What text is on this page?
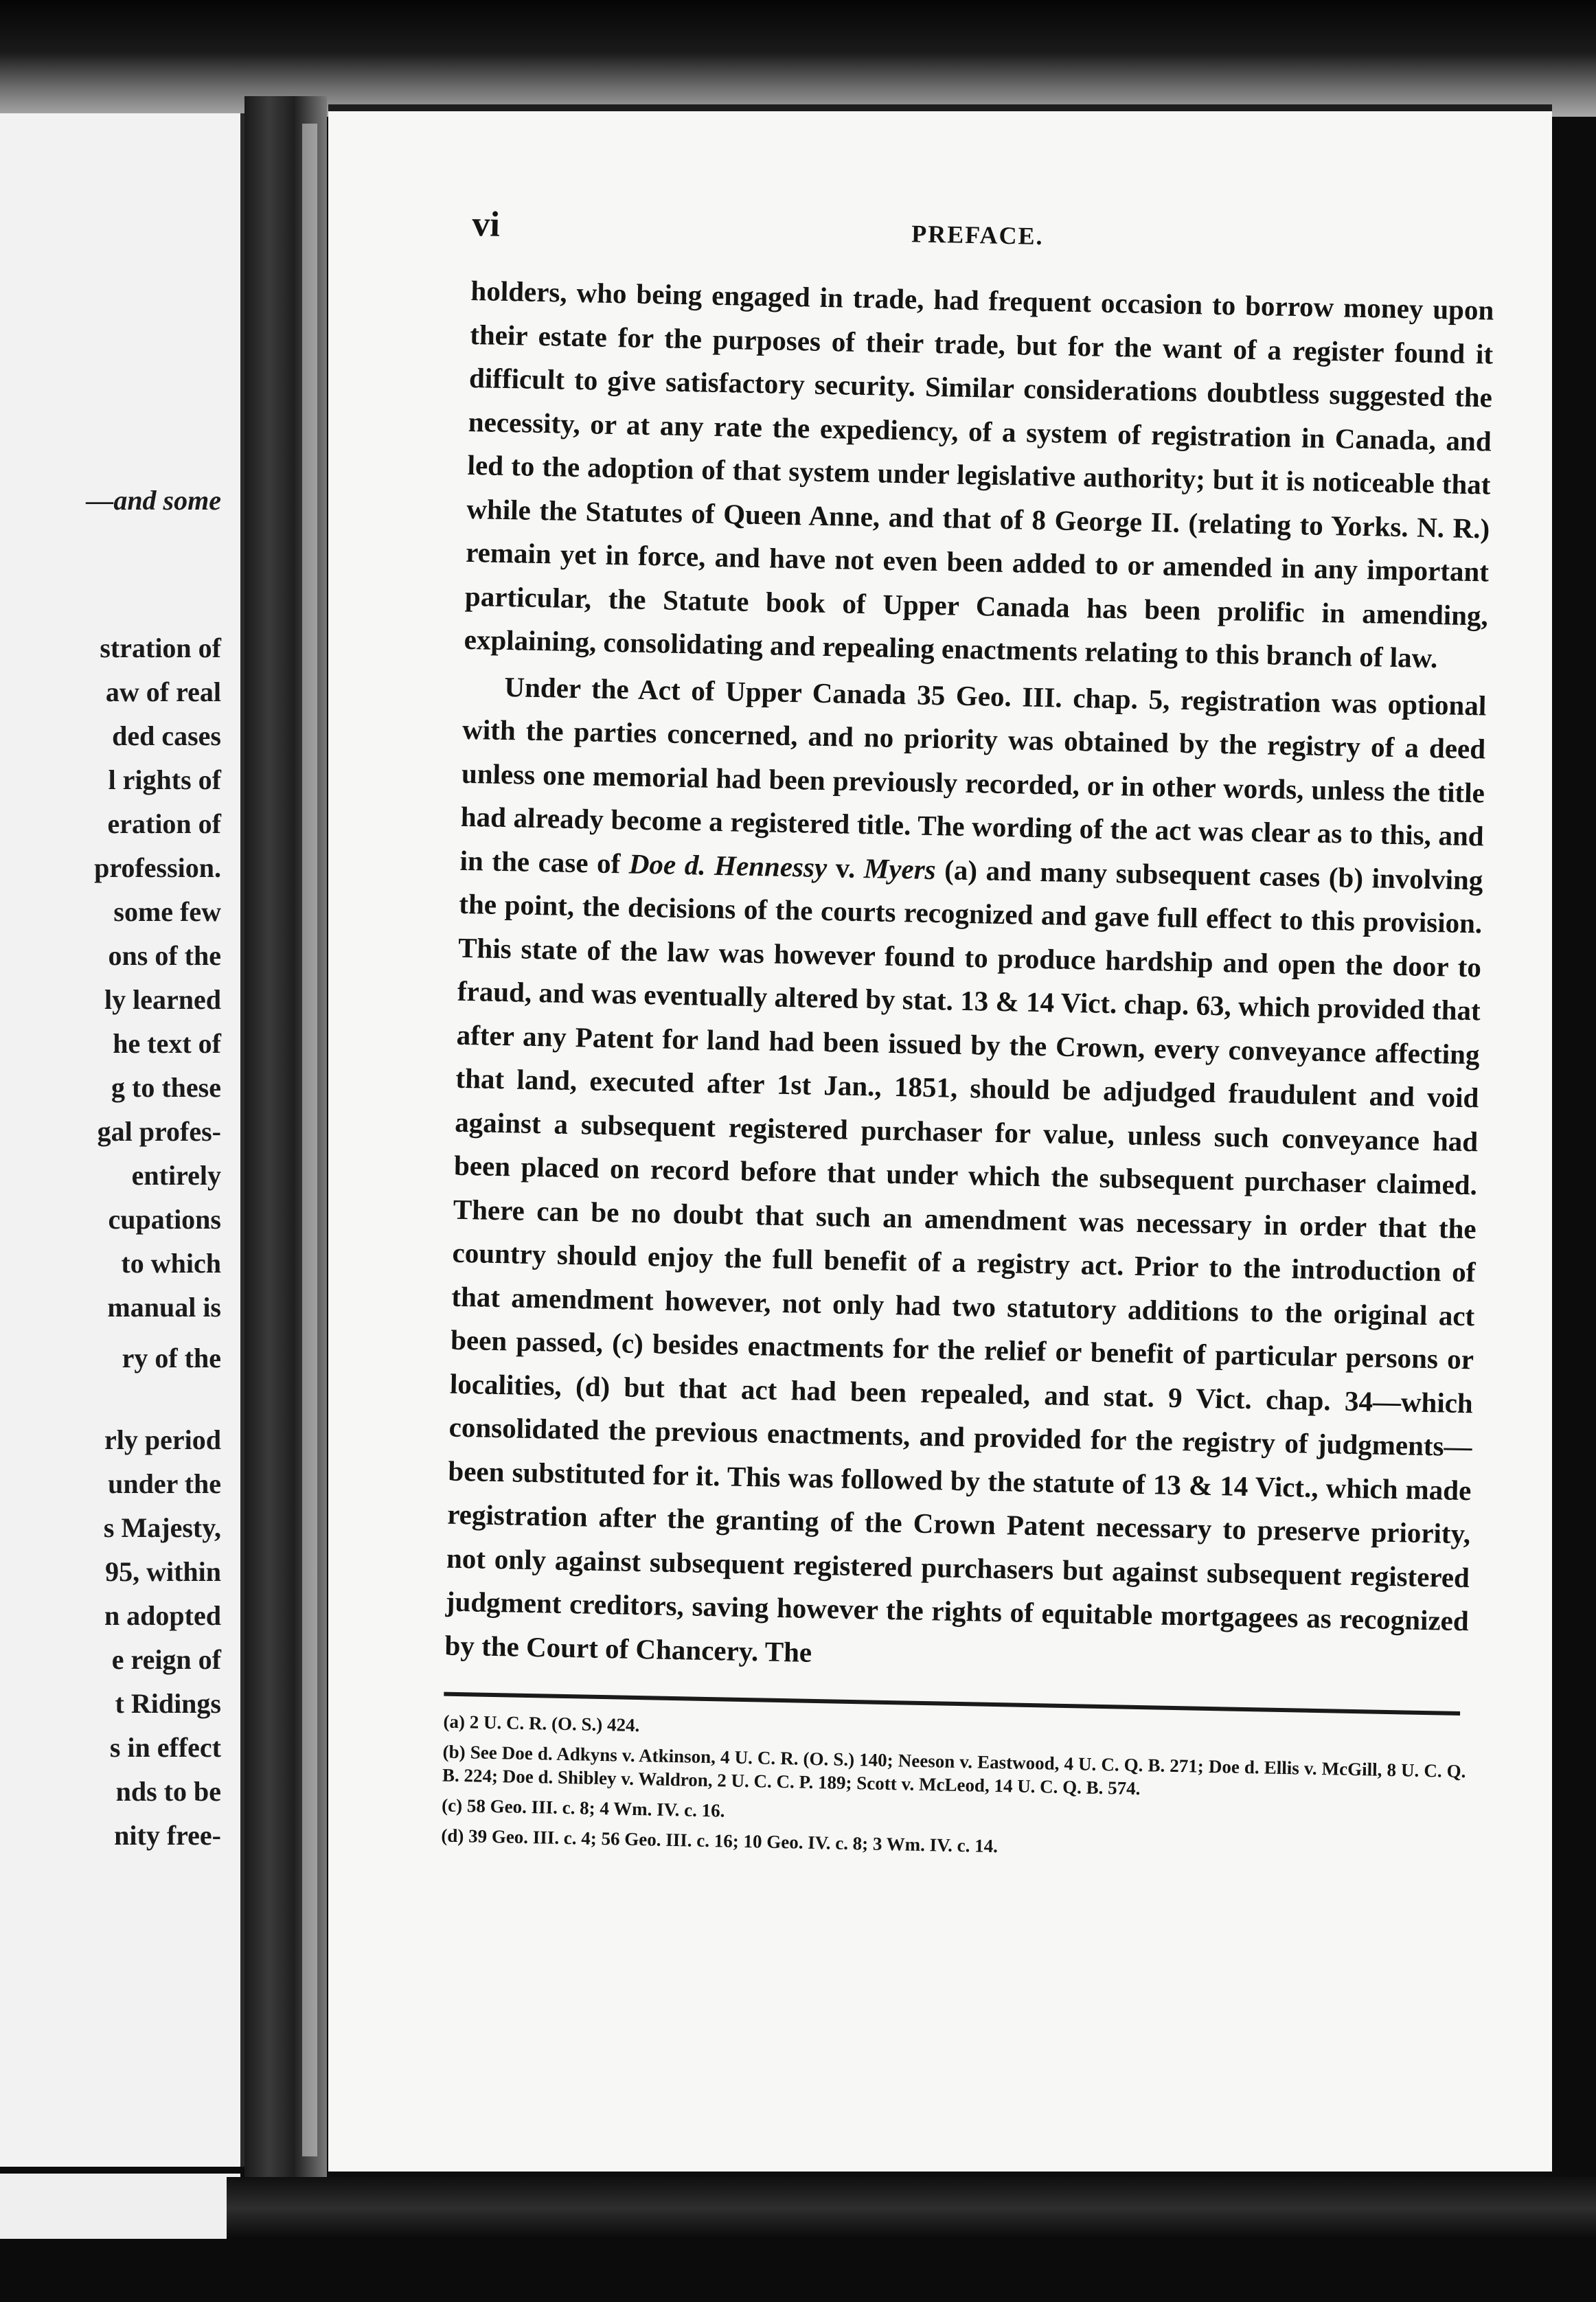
—and some
stration of
aw of real
ded cases
l rights of
eration of
profession.
some few
ons of the
ly learned
he text of
g to these
gal profes-
entirely
cupations
to which
manual is
ry of the
rly period
under the
s Majesty,
95, within
n adopted
e reign of
t Ridings
s in effect
nds to be
nity free-
vi	PREFACE.

holders, who being engaged in trade, had frequent occasion to borrow money upon their estate for the purposes of their trade, but for the want of a register found it difficult to give satisfactory security. Similar considerations doubtless suggested the necessity, or at any rate the expediency, of a system of registration in Canada, and led to the adoption of that system under legislative authority; but it is noticeable that while the Statutes of Queen Anne, and that of 8 George II. (relating to Yorks. N. R.) remain yet in force, and have not even been added to or amended in any important particular, the Statute book of Upper Canada has been prolific in amending, explaining, consolidating and repealing enactments relating to this branch of law.

Under the Act of Upper Canada 35 Geo. III. chap. 5, registration was optional with the parties concerned, and no priority was obtained by the registry of a deed unless one memorial had been previously recorded, or in other words, unless the title had already become a registered title. The wording of the act was clear as to this, and in the case of Doe d. Hennessy v. Myers (a) and many subsequent cases (b) involving the point, the decisions of the courts recognized and gave full effect to this provision. This state of the law was however found to produce hardship and open the door to fraud, and was eventually altered by stat. 13 & 14 Vict. chap. 63, which provided that after any Patent for land had been issued by the Crown, every conveyance affecting that land, executed after 1st Jan., 1851, should be adjudged fraudulent and void against a subsequent registered purchaser for value, unless such conveyance had been placed on record before that under which the subsequent purchaser claimed. There can be no doubt that such an amendment was necessary in order that the country should enjoy the full benefit of a registry act. Prior to the introduction of that amendment however, not only had two statutory additions to the original act been passed, (c) besides enactments for the relief or benefit of particular persons or localities, (d) but that act had been repealed, and stat. 9 Vict. chap. 34—which consolidated the previous enactments, and provided for the registry of judgments—been substituted for it. This was followed by the statute of 13 & 14 Vict., which made registration after the granting of the Crown Patent necessary to preserve priority, not only against subsequent registered purchasers but against subsequent registered judgment creditors, saving however the rights of equitable mortgagees as recognized by the Court of Chancery. The

(a) 2 U. C. R. (O. S.) 424.

(b) See Doe d. Adkyns v. Atkinson, 4 U. C. R. (O. S.) 140; Neeson v. Eastwood, 4 U. C. Q. B. 271; Doe d. Ellis v. McGill, 8 U. C. Q. B. 224; Doe d. Shibley v. Waldron, 2 U. C. C. P. 189; Scott v. McLeod, 14 U. C. Q. B. 574.

(c) 58 Geo. III. c. 8; 4 Wm. IV. c. 16.

(d) 39 Geo. III. c. 4; 56 Geo. III. c. 16; 10 Geo. IV. c. 8; 3 Wm. IV. c. 14.
